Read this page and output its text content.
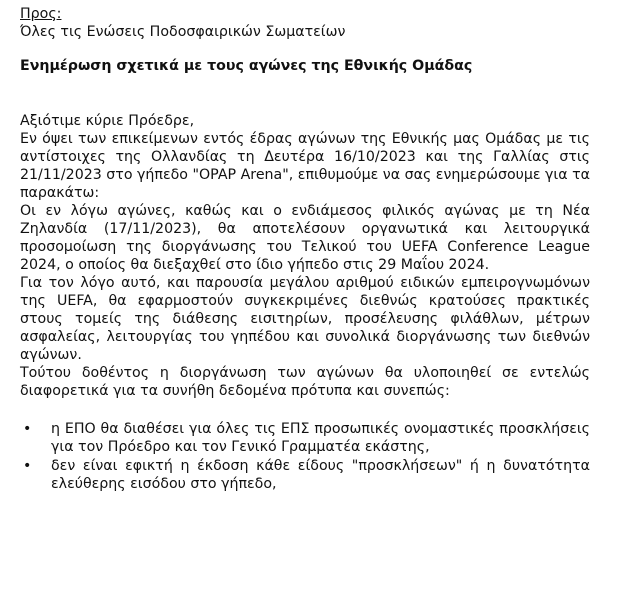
Προς:
Όλες τις Ενώσεις Ποδοσφαιρικών Σωματείων
Ενημέρωση σχετικά με τους αγώνες της Εθνικής Ομάδας
Αξιότιμε κύριε Πρόεδρε,

Εν όψει των επικείμενων εντός έδρας αγώνων της Εθνικής μας Ομάδας με τις αντίστοιχες της Ολλανδίας τη Δευτέρα 16/10/2023 και της Γαλλίας στις 21/11/2023 στο γήπεδο "OPAP Arena", επιθυμούμε να σας ενημερώσουμε για τα παρακάτω:

Οι εν λόγω αγώνες, καθώς και ο ενδιάμεσος φιλικός αγώνας με τη Νέα Ζηλανδία (17/11/2023), θα αποτελέσουν οργανωτικά και λειτουργικά προσομοίωση της διοργάνωσης του Τελικού του UEFA Conference League 2024, ο οποίος θα διεξαχθεί στο ίδιο γήπεδο στις 29 Μαΐου 2024.

Για τον λόγο αυτό, και παρουσία μεγάλου αριθμού ειδικών εμπειρογνωμόνων της UEFA, θα εφαρμοστούν συγκεκριμένες διεθνώς κρατούσες πρακτικές στους τομείς της διάθεσης εισιτηρίων, προσέλευσης φιλάθλων, μέτρων ασφαλείας, λειτουργίας του γηπέδου και συνολικά διοργάνωσης των διεθνών αγώνων.

Τούτου δοθέντος η διοργάνωση των αγώνων θα υλοποιηθεί σε εντελώς διαφορετικά για τα συνήθη δεδομένα πρότυπα και συνεπώς:

• η ΕΠΟ θα διαθέσει για όλες τις ΕΠΣ προσωπικές ονομαστικές προσκλήσεις για τον Πρόεδρο και τον Γενικό Γραμματέα εκάστης,
• δεν είναι εφικτή η έκδοση κάθε είδους "προσκλήσεων" ή η δυνατότητα ελεύθερης εισόδου στο γήπεδο,
